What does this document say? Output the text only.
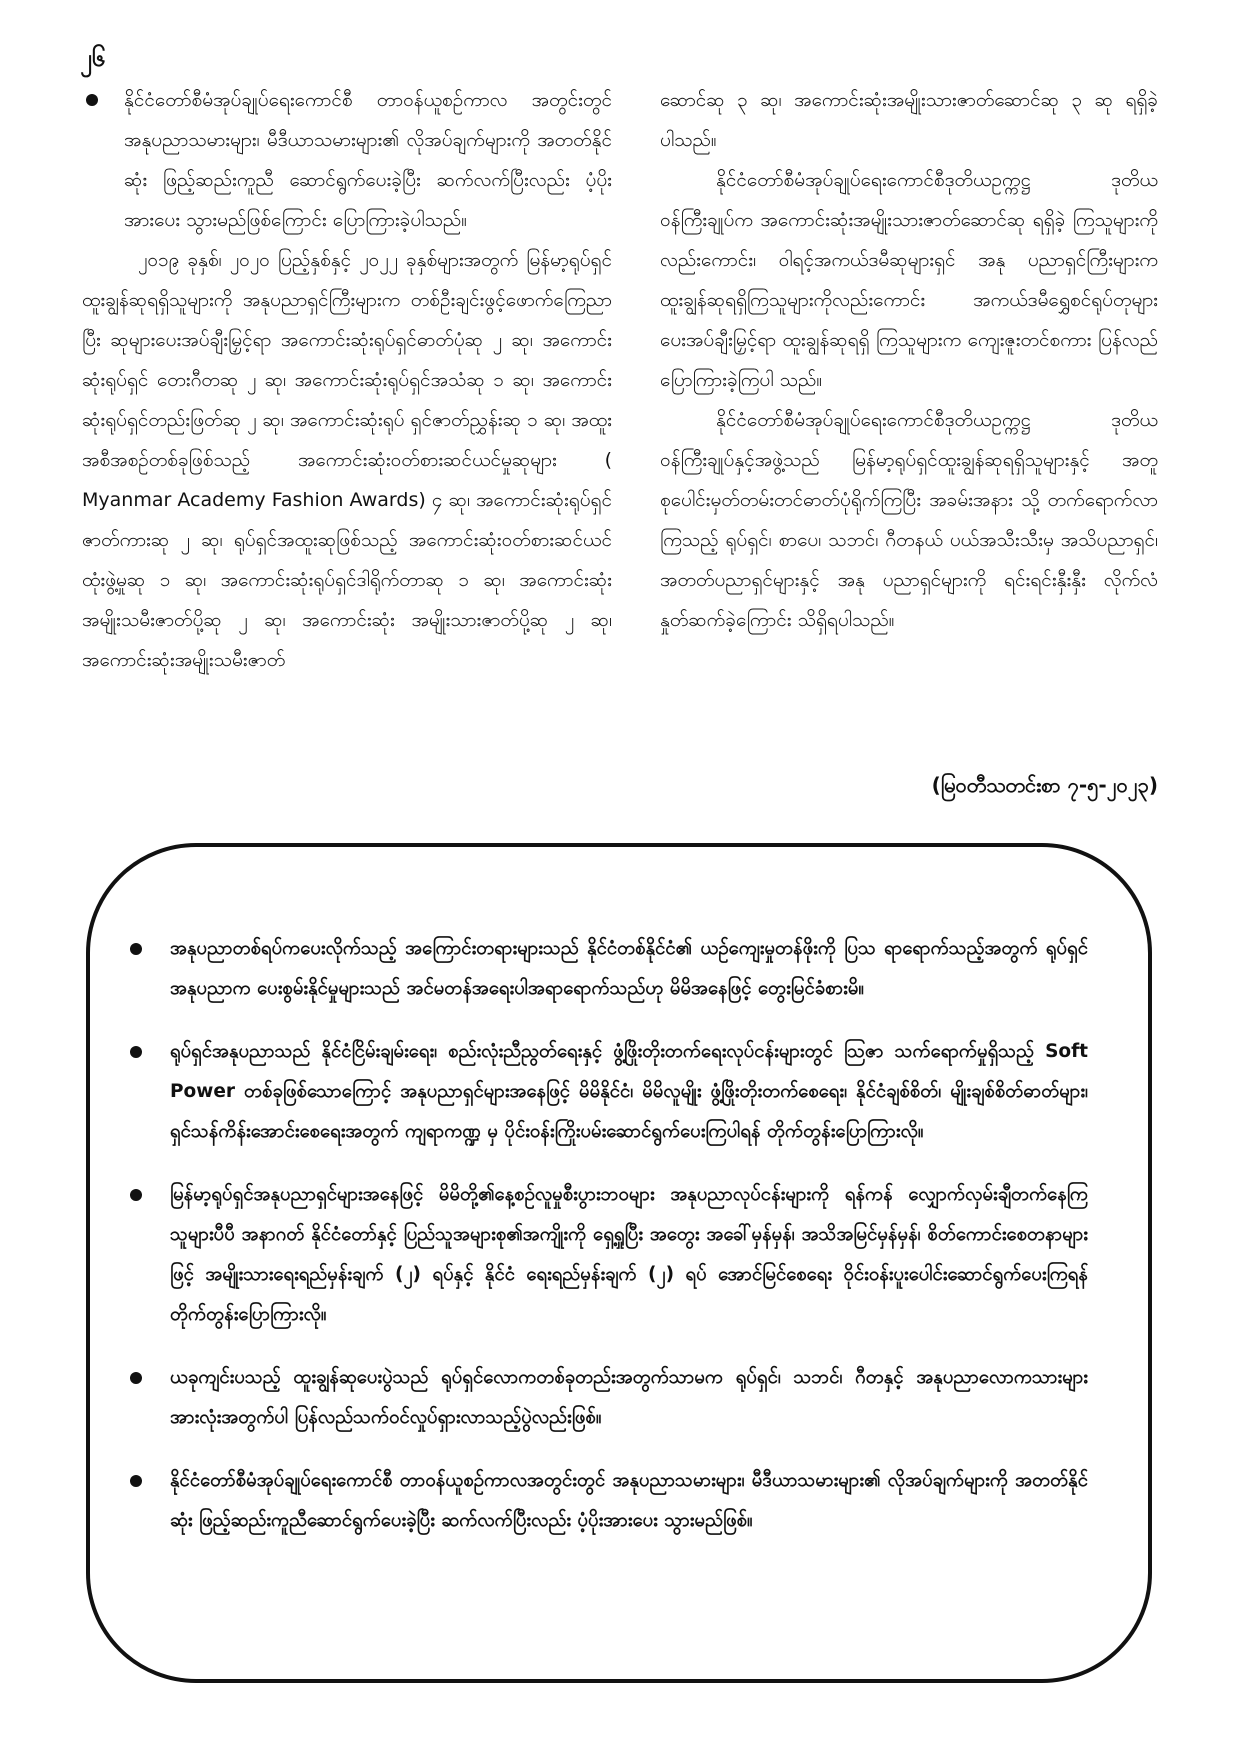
၂၆

နိုင်ငံတော်စီမံအုပ်ချုပ်ရေးကောင်စီ တာဝန်ယူစဉ်ကာလ အတွင်းတွင် အနုပညာသမားများ၊ မီဒီယာသမားများ၏ လိုအပ်ချက်များကို အတတ်နိုင်ဆုံး ဖြည့်ဆည်းကူညီ ဆောင်ရွက်ပေးခဲ့ပြီး ဆက်လက်ပြီးလည်း ပံ့ပိုးအားပေး သွားမည်ဖြစ်ကြောင်း ပြောကြားခဲ့ပါသည်။

၂၀၁၉ ခုနှစ်၊ ၂၀၂၀ ပြည့်နှစ်နှင့် ၂၀၂၂ ခုနှစ်များအတွက် မြန်မာ့ရုပ်ရှင်ထူးချွန်ဆုရရှိသူများကို အနုပညာရှင်ကြီးများက တစ်ဦးချင်းဖွင့်ဖောက်ကြေညာပြီး ဆုများပေးအပ်ချီးမြှင့်ရာ အကောင်းဆုံးရုပ်ရှင်ဓာတ်ပုံဆု ၂ ဆု၊ အကောင်းဆုံးရုပ်ရှင် တေးဂီတဆု ၂ ဆု၊ အကောင်းဆုံးရုပ်ရှင်အသံဆု ၁ ဆု၊ အကောင်းဆုံးရုပ်ရှင်တည်းဖြတ်ဆု ၂ ဆု၊ အကောင်းဆုံးရုပ် ရှင်ဇာတ်ညွှန်းဆု ၁ ဆု၊ အထူးအစီအစဉ်တစ်ခုဖြစ်သည့် အကောင်းဆုံးဝတ်စားဆင်ယင်မှုဆုများ ( Myanmar Academy Fashion Awards) ၄ ဆု၊ အကောင်းဆုံးရုပ်ရှင်ဇာတ်ကားဆု ၂ ဆု၊ ရုပ်ရှင်အထူးဆုဖြစ်သည့် အကောင်းဆုံးဝတ်စားဆင်ယင် ထုံးဖွဲ့မှုဆု ၁ ဆု၊ အကောင်းဆုံးရုပ်ရှင်ဒါရိုက်တာဆု ၁ ဆု၊ အကောင်းဆုံးအမျိုးသမီးဇာတ်ပို့ဆု ၂ ဆု၊ အကောင်းဆုံး အမျိုးသားဇာတ်ပို့ဆု ၂ ဆု၊ အကောင်းဆုံးအမျိုးသမီးဇာတ်

ဆောင်ဆု ၃ ဆု၊ အကောင်းဆုံးအမျိုးသားဇာတ်ဆောင်ဆု ၃ ဆု ရရှိခဲ့ပါသည်။

နိုင်ငံတော်စီမံအုပ်ချုပ်ရေးကောင်စီဒုတိယဥက္ကဋ္ဌ ဒုတိယ ဝန်ကြီးချုပ်က အကောင်းဆုံးအမျိုးသားဇာတ်ဆောင်ဆု ရရှိခဲ့ ကြသူများကိုလည်းကောင်း၊ ဝါရင့်အကယ်ဒမီဆုများရှင် အနု ပညာရှင်ကြီးများက ထူးချွန်ဆုရရှိကြသူများကိုလည်းကောင်း အကယ်ဒမီရွှေစင်ရုပ်တုများ ပေးအပ်ချီးမြှင့်ရာ ထူးချွန်ဆုရရှိ ကြသူများက ကျေးဇူးတင်စကား ပြန်လည်ပြောကြားခဲ့ကြပါ သည်။

နိုင်ငံတော်စီမံအုပ်ချုပ်ရေးကောင်စီဒုတိယဥက္ကဋ္ဌ ဒုတိယ ဝန်ကြီးချုပ်နှင့်အဖွဲ့သည် မြန်မာ့ရုပ်ရှင်ထူးချွန်ဆုရရှိသူများနှင့် အတူ စုပေါင်းမှတ်တမ်းတင်ဓာတ်ပုံရိုက်ကြပြီး အခမ်းအနား သို့ တက်ရောက်လာကြသည့် ရုပ်ရှင်၊ စာပေ၊ သဘင်၊ ဂီတနယ် ပယ်အသီးသီးမှ အသိပညာရှင်၊ အတတ်ပညာရှင်များနှင့် အနု ပညာရှင်များကို ရင်းရင်းနှီးနှီး လိုက်လံနှုတ်ဆက်ခဲ့ကြောင်း သိရှိရပါသည်။

(မြဝတီသတင်းစာ ၇-၅-၂၀၂၃)
အနုပညာတစ်ရပ်ကပေးလိုက်သည့် အကြောင်းတရားများသည် နိုင်ငံတစ်နိုင်ငံ၏ ယဉ်ကျေးမှုတန်ဖိုးကို ပြသ ရာရောက်သည့်အတွက် ရုပ်ရှင်အနုပညာက ပေးစွမ်းနိုင်မှုများသည် အင်မတန်အရေးပါအရာရောက်သည်ဟု မိမိအနေဖြင့် တွေးမြင်ခံစားမိ။
ရုပ်ရှင်အနုပညာသည် နိုင်ငံငြိမ်းချမ်းရေး၊ စည်းလုံးညီညွတ်ရေးနှင့် ဖွံ့ဖြိုးတိုးတက်ရေးလုပ်ငန်းများတွင် ဩဇာ သက်ရောက်မှုရှိသည့် Soft Power တစ်ခုဖြစ်သောကြောင့် အနုပညာရှင်များအနေဖြင့် မိမိနိုင်ငံ၊ မိမိလူမျိုး ဖွံ့ဖြိုးတိုးတက်စေရေး၊ နိုင်ငံချစ်စိတ်၊ မျိုးချစ်စိတ်ဓာတ်များ၊ ရှင်သန်ကိန်းအောင်းစေရေးအတွက် ကျရာကဏ္ဍ မှ ပိုင်းဝန်းကြိုးပမ်းဆောင်ရွက်ပေးကြပါရန် တိုက်တွန်းပြောကြားလို။
မြန်မာ့ရုပ်ရှင်အနုပညာရှင်များအနေဖြင့် မိမိတို့၏နေ့စဉ်လူမှုစီးပွားဘဝများ အနုပညာလုပ်ငန်းများကို ရန်ကန် လျှောက်လှမ်းချီတက်နေကြသူများပီပီ အနာဂတ် နိုင်ငံတော်နှင့် ပြည်သူအများစု၏အကျိုးကို ရှေ့ရှုပြီး အတွေး အခေါ်မှန်မှန်၊ အသိအမြင်မှန်မှန်၊ စိတ်ကောင်းစေတနာများဖြင့် အမျိုးသားရေးရည်မှန်းချက် (၂) ရပ်နှင့် နိုင်ငံ ရေးရည်မှန်းချက် (၂) ရပ် အောင်မြင်စေရေး ဝိုင်းဝန်းပူးပေါင်းဆောင်ရွက်ပေးကြရန် တိုက်တွန်းပြောကြားလို။
ယခုကျင်းပသည့် ထူးချွန်ဆုပေးပွဲသည် ရုပ်ရှင်လောကတစ်ခုတည်းအတွက်သာမက ရုပ်ရှင်၊ သဘင်၊ ဂီတနှင့် အနုပညာလောကသားများ အားလုံးအတွက်ပါ ပြန်လည်သက်ဝင်လှုပ်ရှားလာသည့်ပွဲလည်းဖြစ်။
နိုင်ငံတော်စီမံအုပ်ချုပ်ရေးကောင်စီ တာဝန်ယူစဉ်ကာလအတွင်းတွင် အနုပညာသမားများ၊ မီဒီယာသမားများ၏ လိုအပ်ချက်များကို အတတ်နိုင်ဆုံး ဖြည့်ဆည်းကူညီဆောင်ရွက်ပေးခဲ့ပြီး ဆက်လက်ပြီးလည်း ပံ့ပိုးအားပေး သွားမည်ဖြစ်။
